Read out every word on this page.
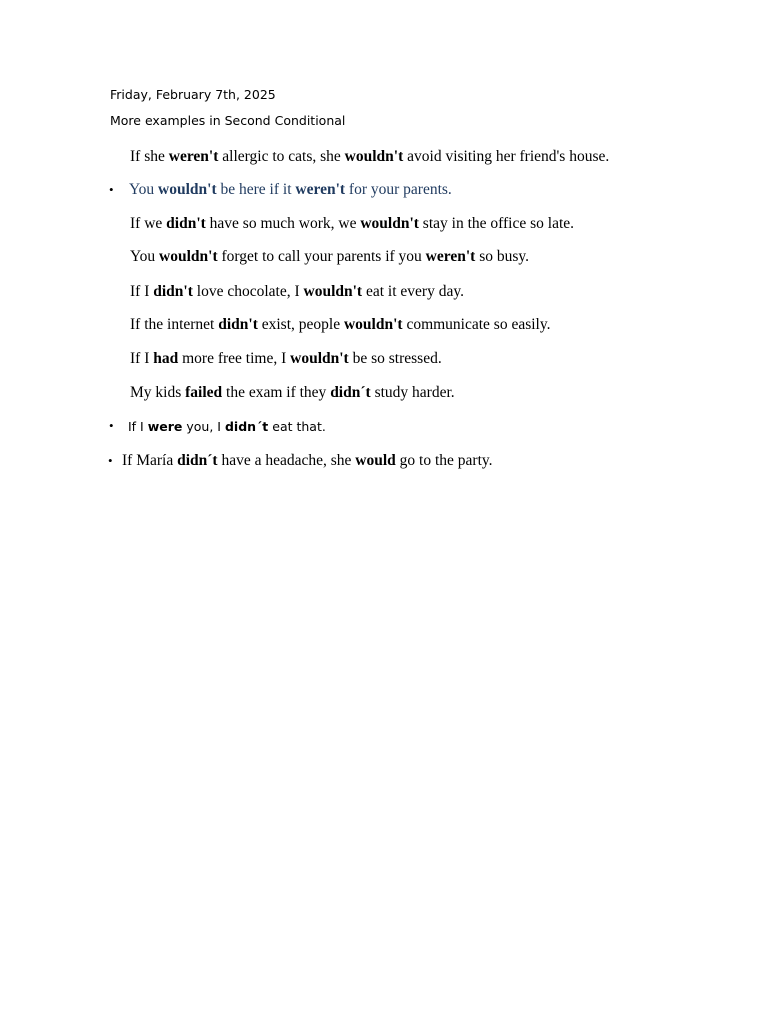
Friday, February 7th, 2025
More examples in Second Conditional
If she weren't allergic to cats, she wouldn't avoid visiting her friend's house.
• You wouldn't be here if it weren't for your parents.
If we didn't have so much work, we wouldn't stay in the office so late.
You wouldn't forget to call your parents if you weren't so busy.
If I didn't love chocolate, I wouldn't eat it every day.
If the internet didn't exist, people wouldn't communicate so easily.
If I had more free time, I wouldn't be so stressed.
My kids failed the exam if they didn´t study harder.
• If I were you, I didn´t eat that.
• If María didn´t have a headache, she would go to the party.
